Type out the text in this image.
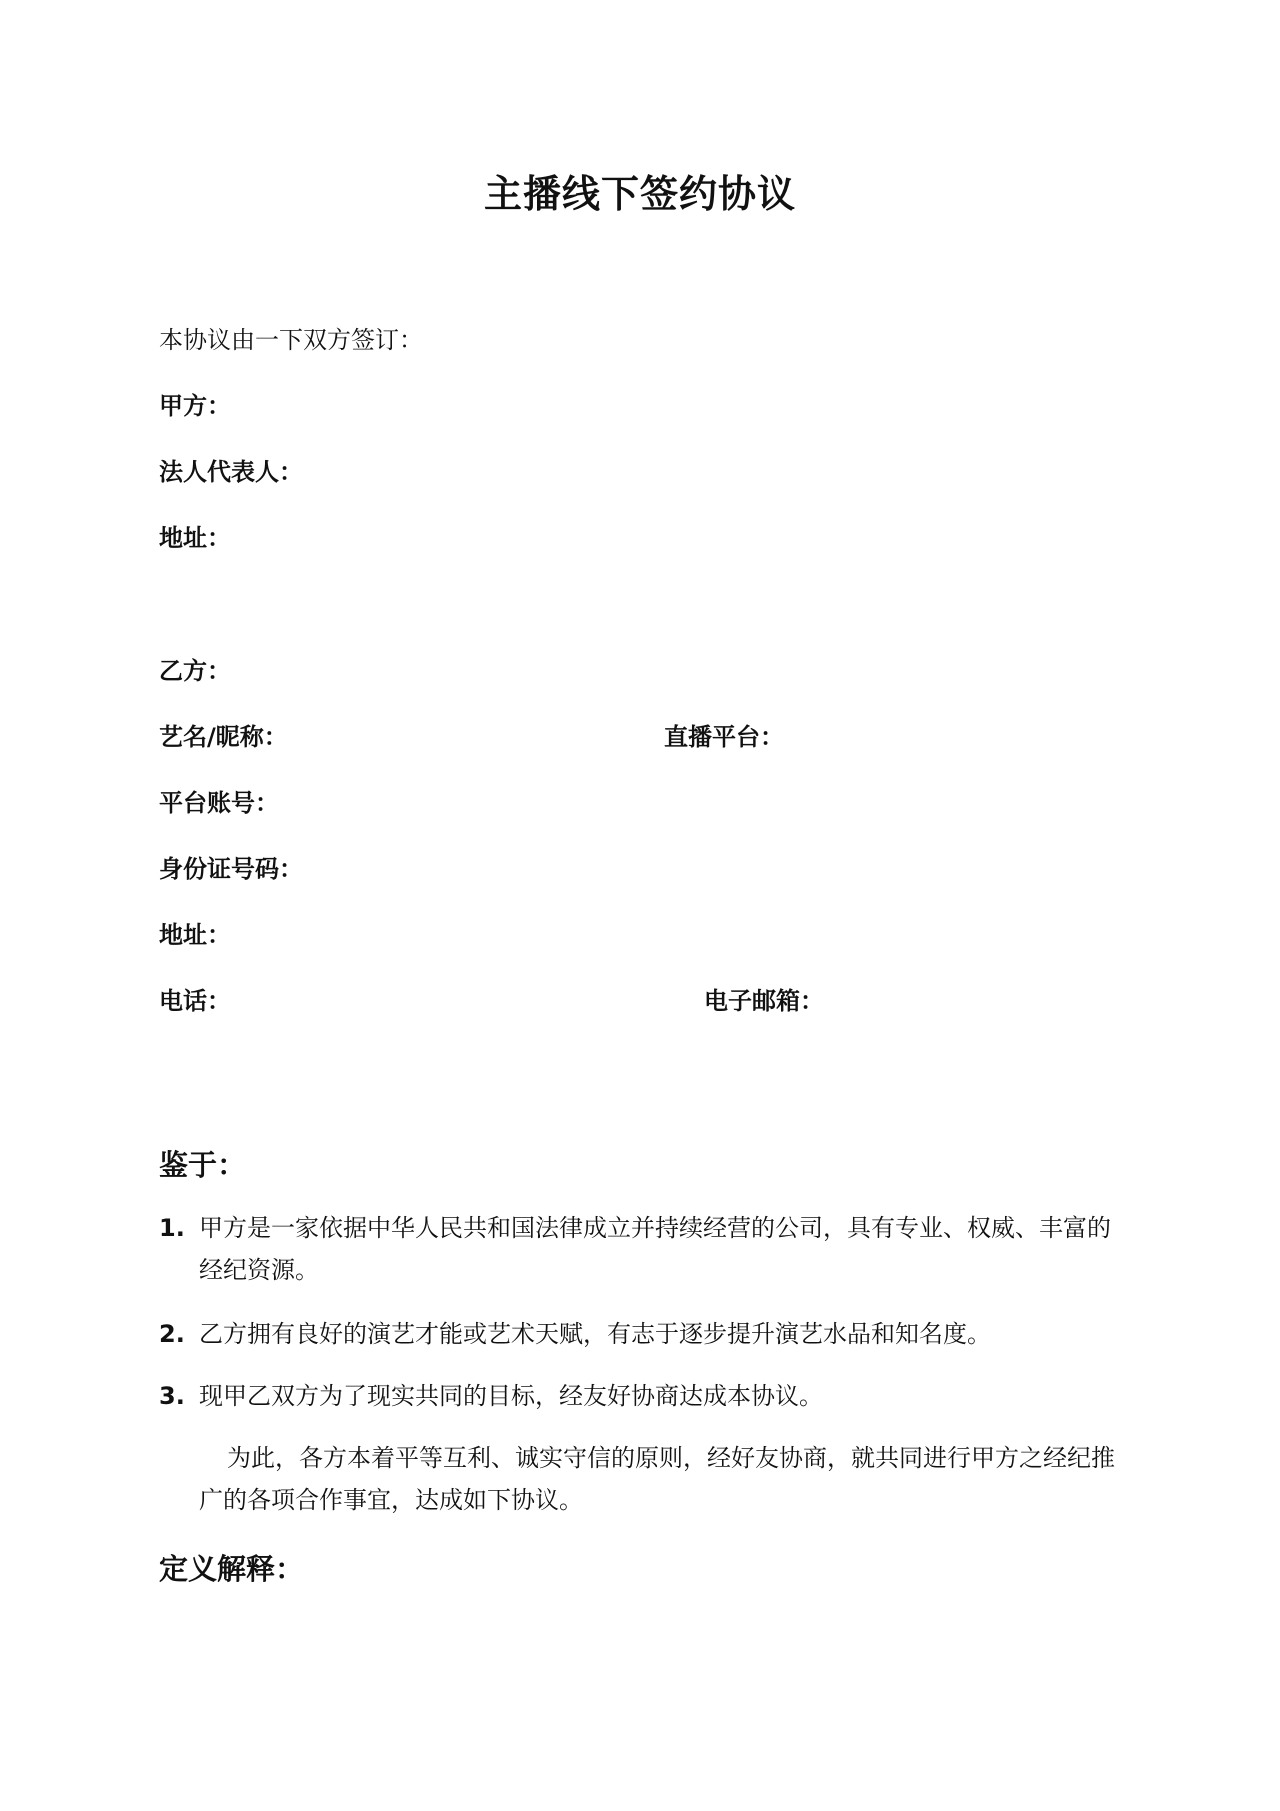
主播线下签约协议
本协议由一下双方签订：
甲方：
法人代表人：
地址：
乙方：
艺名/昵称：	直播平台：
平台账号：
身份证号码：
地址：
电话：	电子邮箱：
鉴于：
1. 甲方是一家依据中华人民共和国法律成立并持续经营的公司，具有专业、权威、丰富的经纪资源。
2. 乙方拥有良好的演艺才能或艺术天赋，有志于逐步提升演艺水品和知名度。
3. 现甲乙双方为了现实共同的目标，经友好协商达成本协议。
为此，各方本着平等互利、诚实守信的原则，经好友协商，就共同进行甲方之经纪推广的各项合作事宜，达成如下协议。
定义解释：
